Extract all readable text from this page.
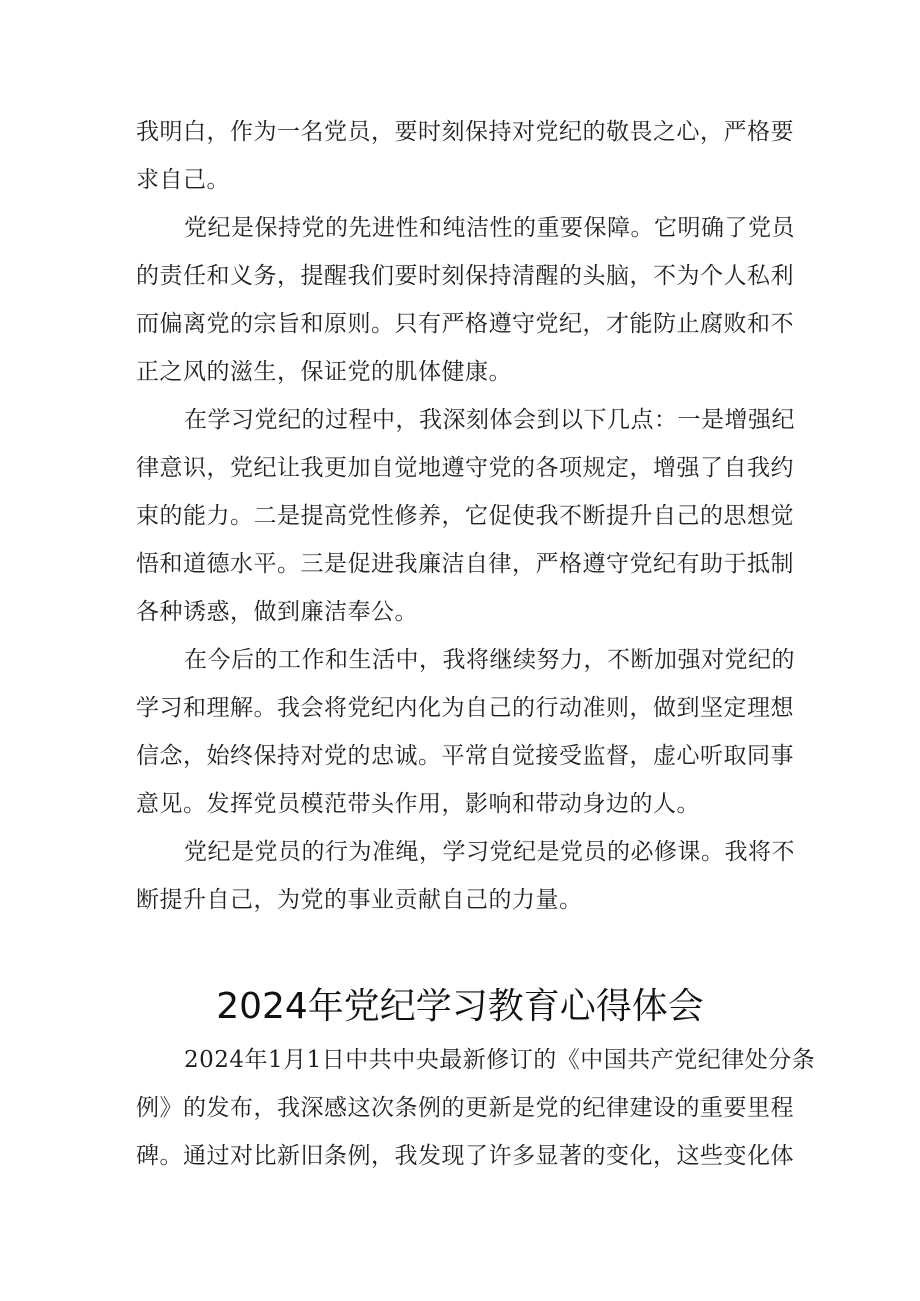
我明白，作为一名党员，要时刻保持对党纪的敬畏之心，严格要
求自己。
党纪是保持党的先进性和纯洁性的重要保障。它明确了党员
的责任和义务，提醒我们要时刻保持清醒的头脑，不为个人私利
而偏离党的宗旨和原则。只有严格遵守党纪，才能防止腐败和不
正之风的滋生，保证党的肌体健康。
在学习党纪的过程中，我深刻体会到以下几点：一是增强纪
律意识，党纪让我更加自觉地遵守党的各项规定，增强了自我约
束的能力。二是提高党性修养，它促使我不断提升自己的思想觉
悟和道德水平。三是促进我廉洁自律，严格遵守党纪有助于抵制
各种诱惑，做到廉洁奉公。
在今后的工作和生活中，我将继续努力，不断加强对党纪的
学习和理解。我会将党纪内化为自己的行动准则，做到坚定理想
信念，始终保持对党的忠诚。平常自觉接受监督，虚心听取同事
意见。发挥党员模范带头作用，影响和带动身边的人。
党纪是党员的行为准绳，学习党纪是党员的必修课。我将不
断提升自己，为党的事业贡献自己的力量。
2024年党纪学习教育心得体会
2024年1月1日中共中央最新修订的《中国共产党纪律处分条
例》的发布，我深感这次条例的更新是党的纪律建设的重要里程
碑。通过对比新旧条例，我发现了许多显著的变化，这些变化体
